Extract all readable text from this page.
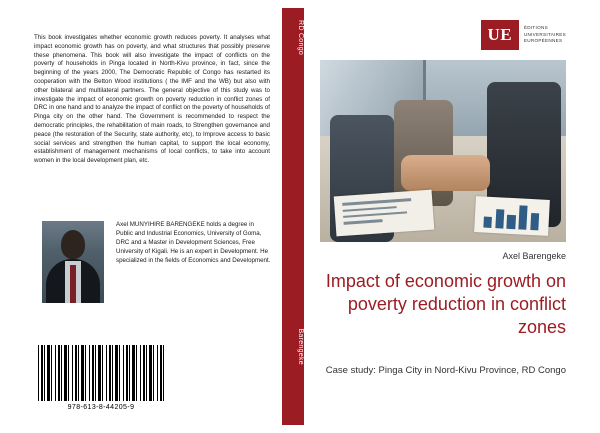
This book investigates whether economic growth reduces poverty. It analyses what impact economic growth has on poverty, and what structures that possibly preserve these phenomena. This book will also investigate the impact of conflicts on the poverty of households in Pinga located in North-Kivu province, in fact, since the beginning of the years 2000, The Democratic Republic of Congo has restarted its cooperation with the Betton Wood institutions ( the IMF and the WB) but also with other bilateral and multilateral partners. The general objective of this study was to investigate the impact of economic growth on poverty reduction in conflict zones of DRC in one hand and to analyze the impact of conflict on the poverty of households of Pinga city on the other hand. The Government is recommended to respect the democratic principles, the rehabilitation of main roads, to Strengthen governance and peace (the restoration of the Security, state authority, etc), to Improve access to basic social services and strengthen the human capital, to support the local economy, establishment of management mechanisms of local conflicts, to take into account women in the local development plan, etc.
Axel MUNYIHIRE BARENGEKE holds a degree in Public and Industrial Economics, University of Goma, DRC and a Master in Development Sciences, Free University of Kigali. He is an expert in Development. He specialized in the fields of Economics and Development.
978-613-8-44205-9
RD Congo
Barengeke
UE	ÉDITIONS
UNIVERSITAIRES
EUROPÉENNES
Axel Barengeke
Impact of economic growth on poverty reduction in conflict zones
Case study: Pinga City in Nord-Kivu Province, RD Congo
